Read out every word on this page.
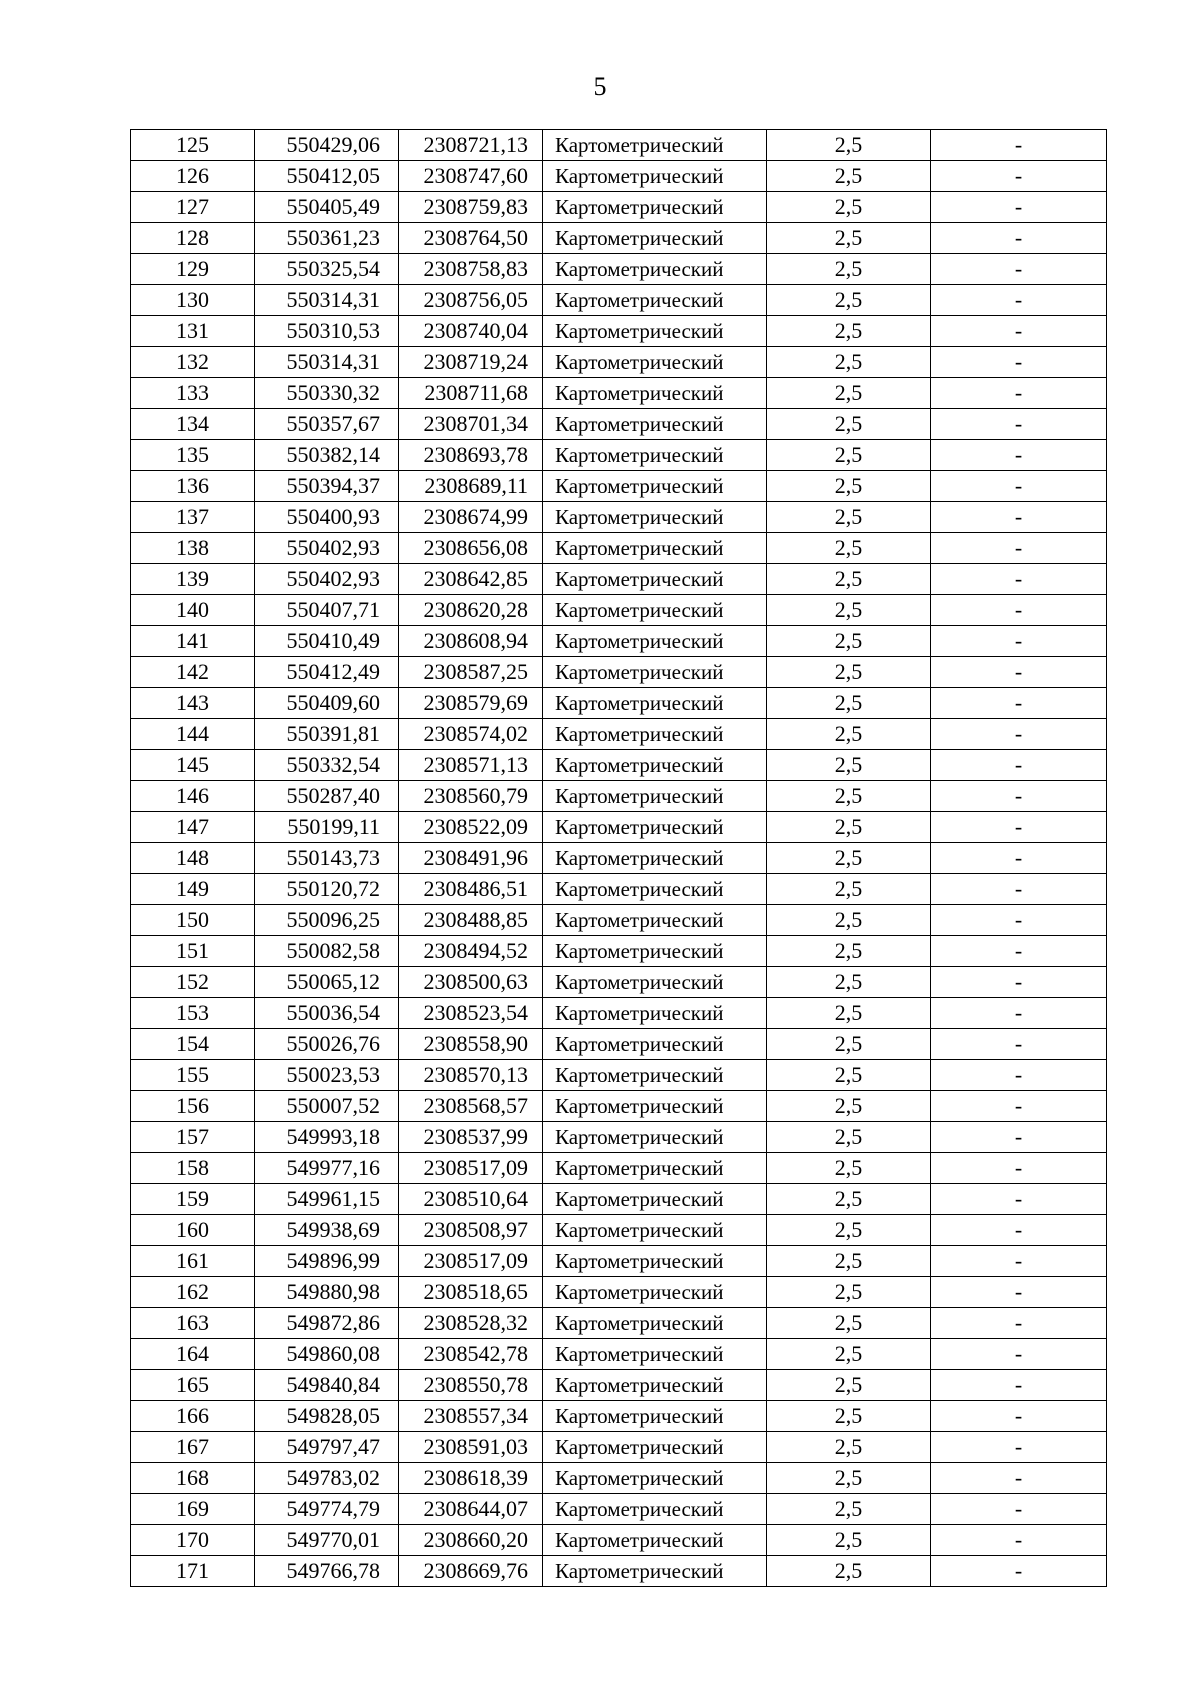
5
125	550429,06	2308721,13	Картометрический	2,5	-
126	550412,05	2308747,60	Картометрический	2,5	-
127	550405,49	2308759,83	Картометрический	2,5	-
128	550361,23	2308764,50	Картометрический	2,5	-
129	550325,54	2308758,83	Картометрический	2,5	-
130	550314,31	2308756,05	Картометрический	2,5	-
131	550310,53	2308740,04	Картометрический	2,5	-
132	550314,31	2308719,24	Картометрический	2,5	-
133	550330,32	2308711,68	Картометрический	2,5	-
134	550357,67	2308701,34	Картометрический	2,5	-
135	550382,14	2308693,78	Картометрический	2,5	-
136	550394,37	2308689,11	Картометрический	2,5	-
137	550400,93	2308674,99	Картометрический	2,5	-
138	550402,93	2308656,08	Картометрический	2,5	-
139	550402,93	2308642,85	Картометрический	2,5	-
140	550407,71	2308620,28	Картометрический	2,5	-
141	550410,49	2308608,94	Картометрический	2,5	-
142	550412,49	2308587,25	Картометрический	2,5	-
143	550409,60	2308579,69	Картометрический	2,5	-
144	550391,81	2308574,02	Картометрический	2,5	-
145	550332,54	2308571,13	Картометрический	2,5	-
146	550287,40	2308560,79	Картометрический	2,5	-
147	550199,11	2308522,09	Картометрический	2,5	-
148	550143,73	2308491,96	Картометрический	2,5	-
149	550120,72	2308486,51	Картометрический	2,5	-
150	550096,25	2308488,85	Картометрический	2,5	-
151	550082,58	2308494,52	Картометрический	2,5	-
152	550065,12	2308500,63	Картометрический	2,5	-
153	550036,54	2308523,54	Картометрический	2,5	-
154	550026,76	2308558,90	Картометрический	2,5	-
155	550023,53	2308570,13	Картометрический	2,5	-
156	550007,52	2308568,57	Картометрический	2,5	-
157	549993,18	2308537,99	Картометрический	2,5	-
158	549977,16	2308517,09	Картометрический	2,5	-
159	549961,15	2308510,64	Картометрический	2,5	-
160	549938,69	2308508,97	Картометрический	2,5	-
161	549896,99	2308517,09	Картометрический	2,5	-
162	549880,98	2308518,65	Картометрический	2,5	-
163	549872,86	2308528,32	Картометрический	2,5	-
164	549860,08	2308542,78	Картометрический	2,5	-
165	549840,84	2308550,78	Картометрический	2,5	-
166	549828,05	2308557,34	Картометрический	2,5	-
167	549797,47	2308591,03	Картометрический	2,5	-
168	549783,02	2308618,39	Картометрический	2,5	-
169	549774,79	2308644,07	Картометрический	2,5	-
170	549770,01	2308660,20	Картометрический	2,5	-
171	549766,78	2308669,76	Картометрический	2,5	-
